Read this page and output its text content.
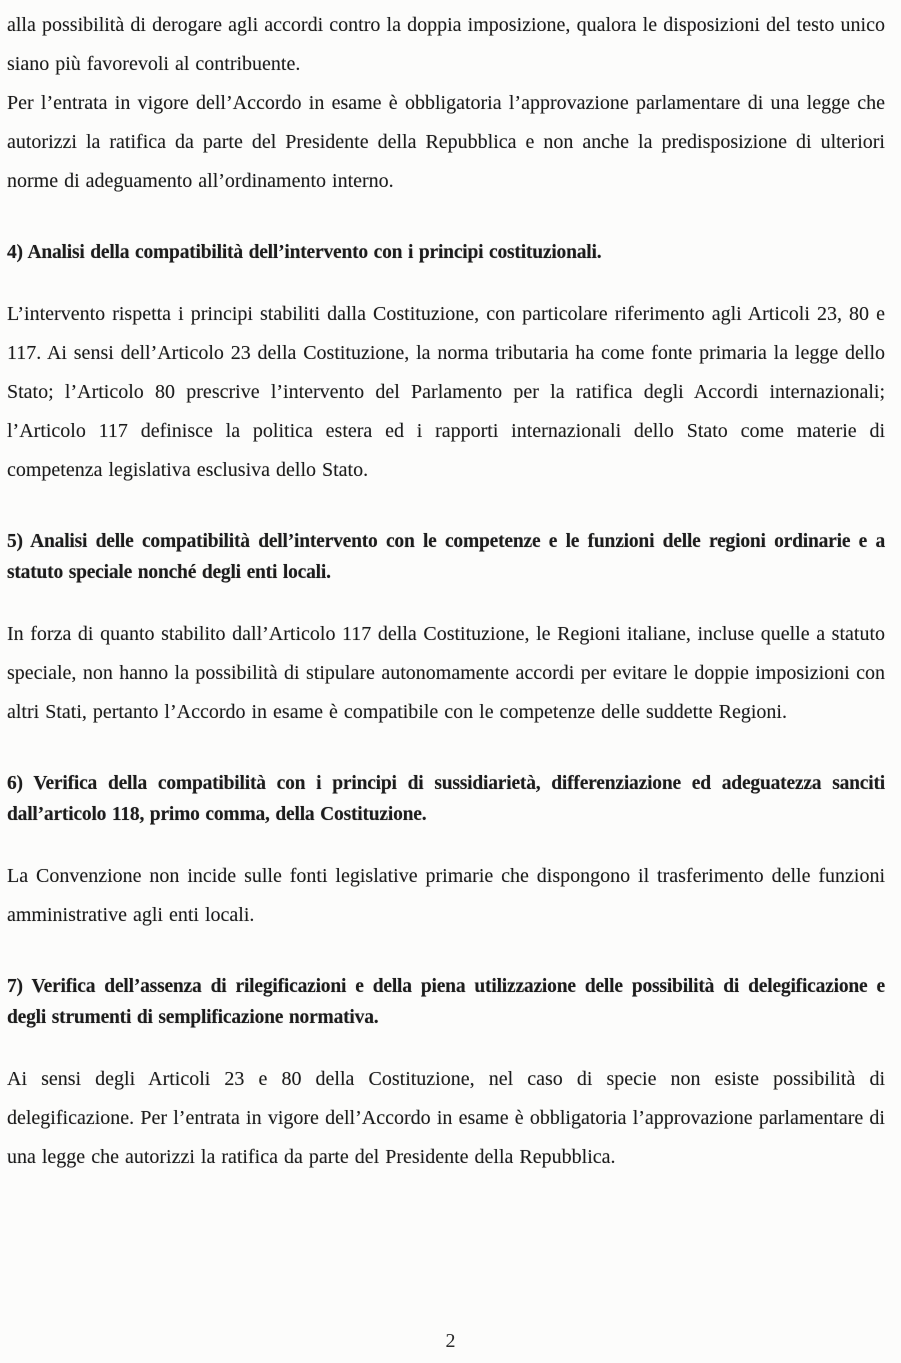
alla possibilità di derogare agli accordi contro la doppia imposizione, qualora le disposizioni del testo unico siano più favorevoli al contribuente.

Per l’entrata in vigore dell’Accordo in esame è obbligatoria l’approvazione parlamentare di una legge che autorizzi la ratifica da parte del Presidente della Repubblica e non anche la predisposizione di ulteriori norme di adeguamento all’ordinamento interno.

4) Analisi della compatibilità dell’intervento con i principi costituzionali.

L’intervento rispetta i principi stabiliti dalla Costituzione, con particolare riferimento agli Articoli 23, 80 e 117. Ai sensi dell’Articolo 23 della Costituzione, la norma tributaria ha come fonte primaria la legge dello Stato; l’Articolo 80 prescrive l’intervento del Parlamento per la ratifica degli Accordi internazionali; l’Articolo 117 definisce la politica estera ed i rapporti internazionali dello Stato come materie di competenza legislativa esclusiva dello Stato.

5) Analisi delle compatibilità dell’intervento con le competenze e le funzioni delle regioni ordinarie e a statuto speciale nonché degli enti locali.

In forza di quanto stabilito dall’Articolo 117 della Costituzione, le Regioni italiane, incluse quelle a statuto speciale, non hanno la possibilità di stipulare autonomamente accordi per evitare le doppie imposizioni con altri Stati, pertanto l’Accordo in esame è compatibile con le competenze delle suddette Regioni.

6) Verifica della compatibilità con i principi di sussidiarietà, differenziazione ed adeguatezza sanciti dall’articolo 118, primo comma, della Costituzione.

La Convenzione non incide sulle fonti legislative primarie che dispongono il trasferimento delle funzioni amministrative agli enti locali.

7) Verifica dell’assenza di rilegificazioni e della piena utilizzazione delle possibilità di delegificazione e degli strumenti di semplificazione normativa.

Ai sensi degli Articoli 23 e 80 della Costituzione, nel caso di specie non esiste possibilità di delegificazione. Per l’entrata in vigore dell’Accordo in esame è obbligatoria l’approvazione parlamentare di una legge che autorizzi la ratifica da parte del Presidente della Repubblica.

2
